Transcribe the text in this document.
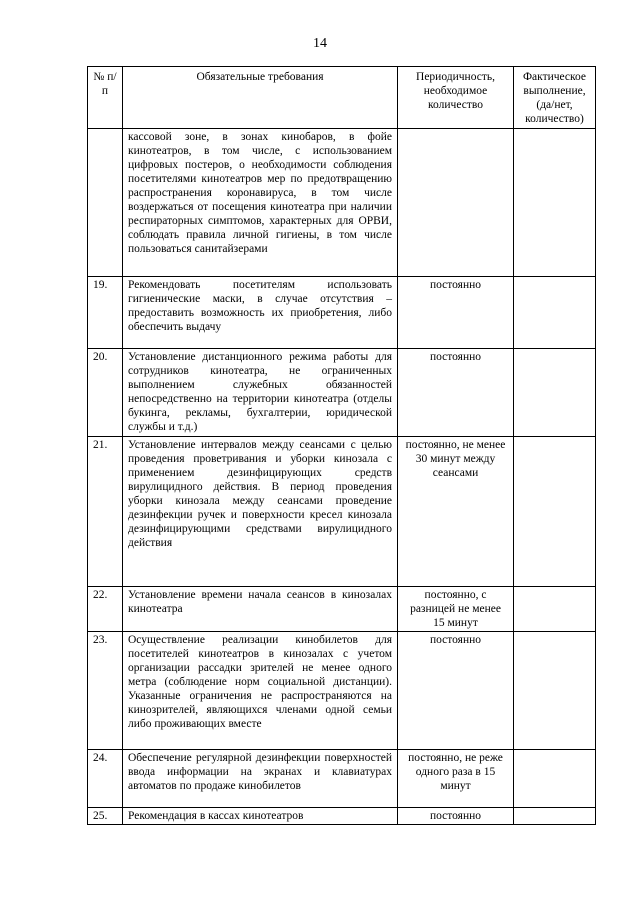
14
№ п/п	Обязательные требования	Периодичность, необходимое количество	Фактическое выполнение, (да/нет, количество)
	кассовой зоне, в зонах кинобаров, в фойе кинотеатров, в том числе, с использованием цифровых постеров, о необходимости соблюдения посетителями кинотеатров мер по предотвращению распространения коронавируса, в том числе воздержаться от посещения кинотеатра при наличии респираторных симптомов, характерных для ОРВИ, соблюдать правила личной гигиены, в том числе пользоваться санитайзерами		
19.	Рекомендовать посетителям использовать гигиенические маски, в случае отсутствия – предоставить возможность их приобретения, либо обеспечить выдачу	постоянно	
20.	Установление дистанционного режима работы для сотрудников кинотеатра, не ограниченных выполнением служебных обязанностей непосредственно на территории кинотеатра (отделы букинга, рекламы, бухгалтерии, юридической службы и т.д.)	постоянно	
21.	Установление интервалов между сеансами с целью проведения проветривания и уборки кинозала с применением дезинфицирующих средств вирулицидного действия. В период проведения уборки кинозала между сеансами проведение дезинфекции ручек и поверхности кресел кинозала дезинфицирующими средствами вирулицидного действия	постоянно, не менее 30 минут между сеансами	
22.	Установление времени начала сеансов в кинозалах кинотеатра	постоянно, с разницей не менее 15 минут	
23.	Осуществление реализации кинобилетов для посетителей кинотеатров в кинозалах с учетом организации рассадки зрителей не менее одного метра (соблюдение норм социальной дистанции). Указанные ограничения не распространяются на кинозрителей, являющихся членами одной семьи либо проживающих вместе	постоянно	
24.	Обеспечение регулярной дезинфекции поверхностей ввода информации на экранах и клавиатурах автоматов по продаже кинобилетов	постоянно, не реже одного раза в 15 минут	
25.	Рекомендация в кассах кинотеатров	постоянно	
